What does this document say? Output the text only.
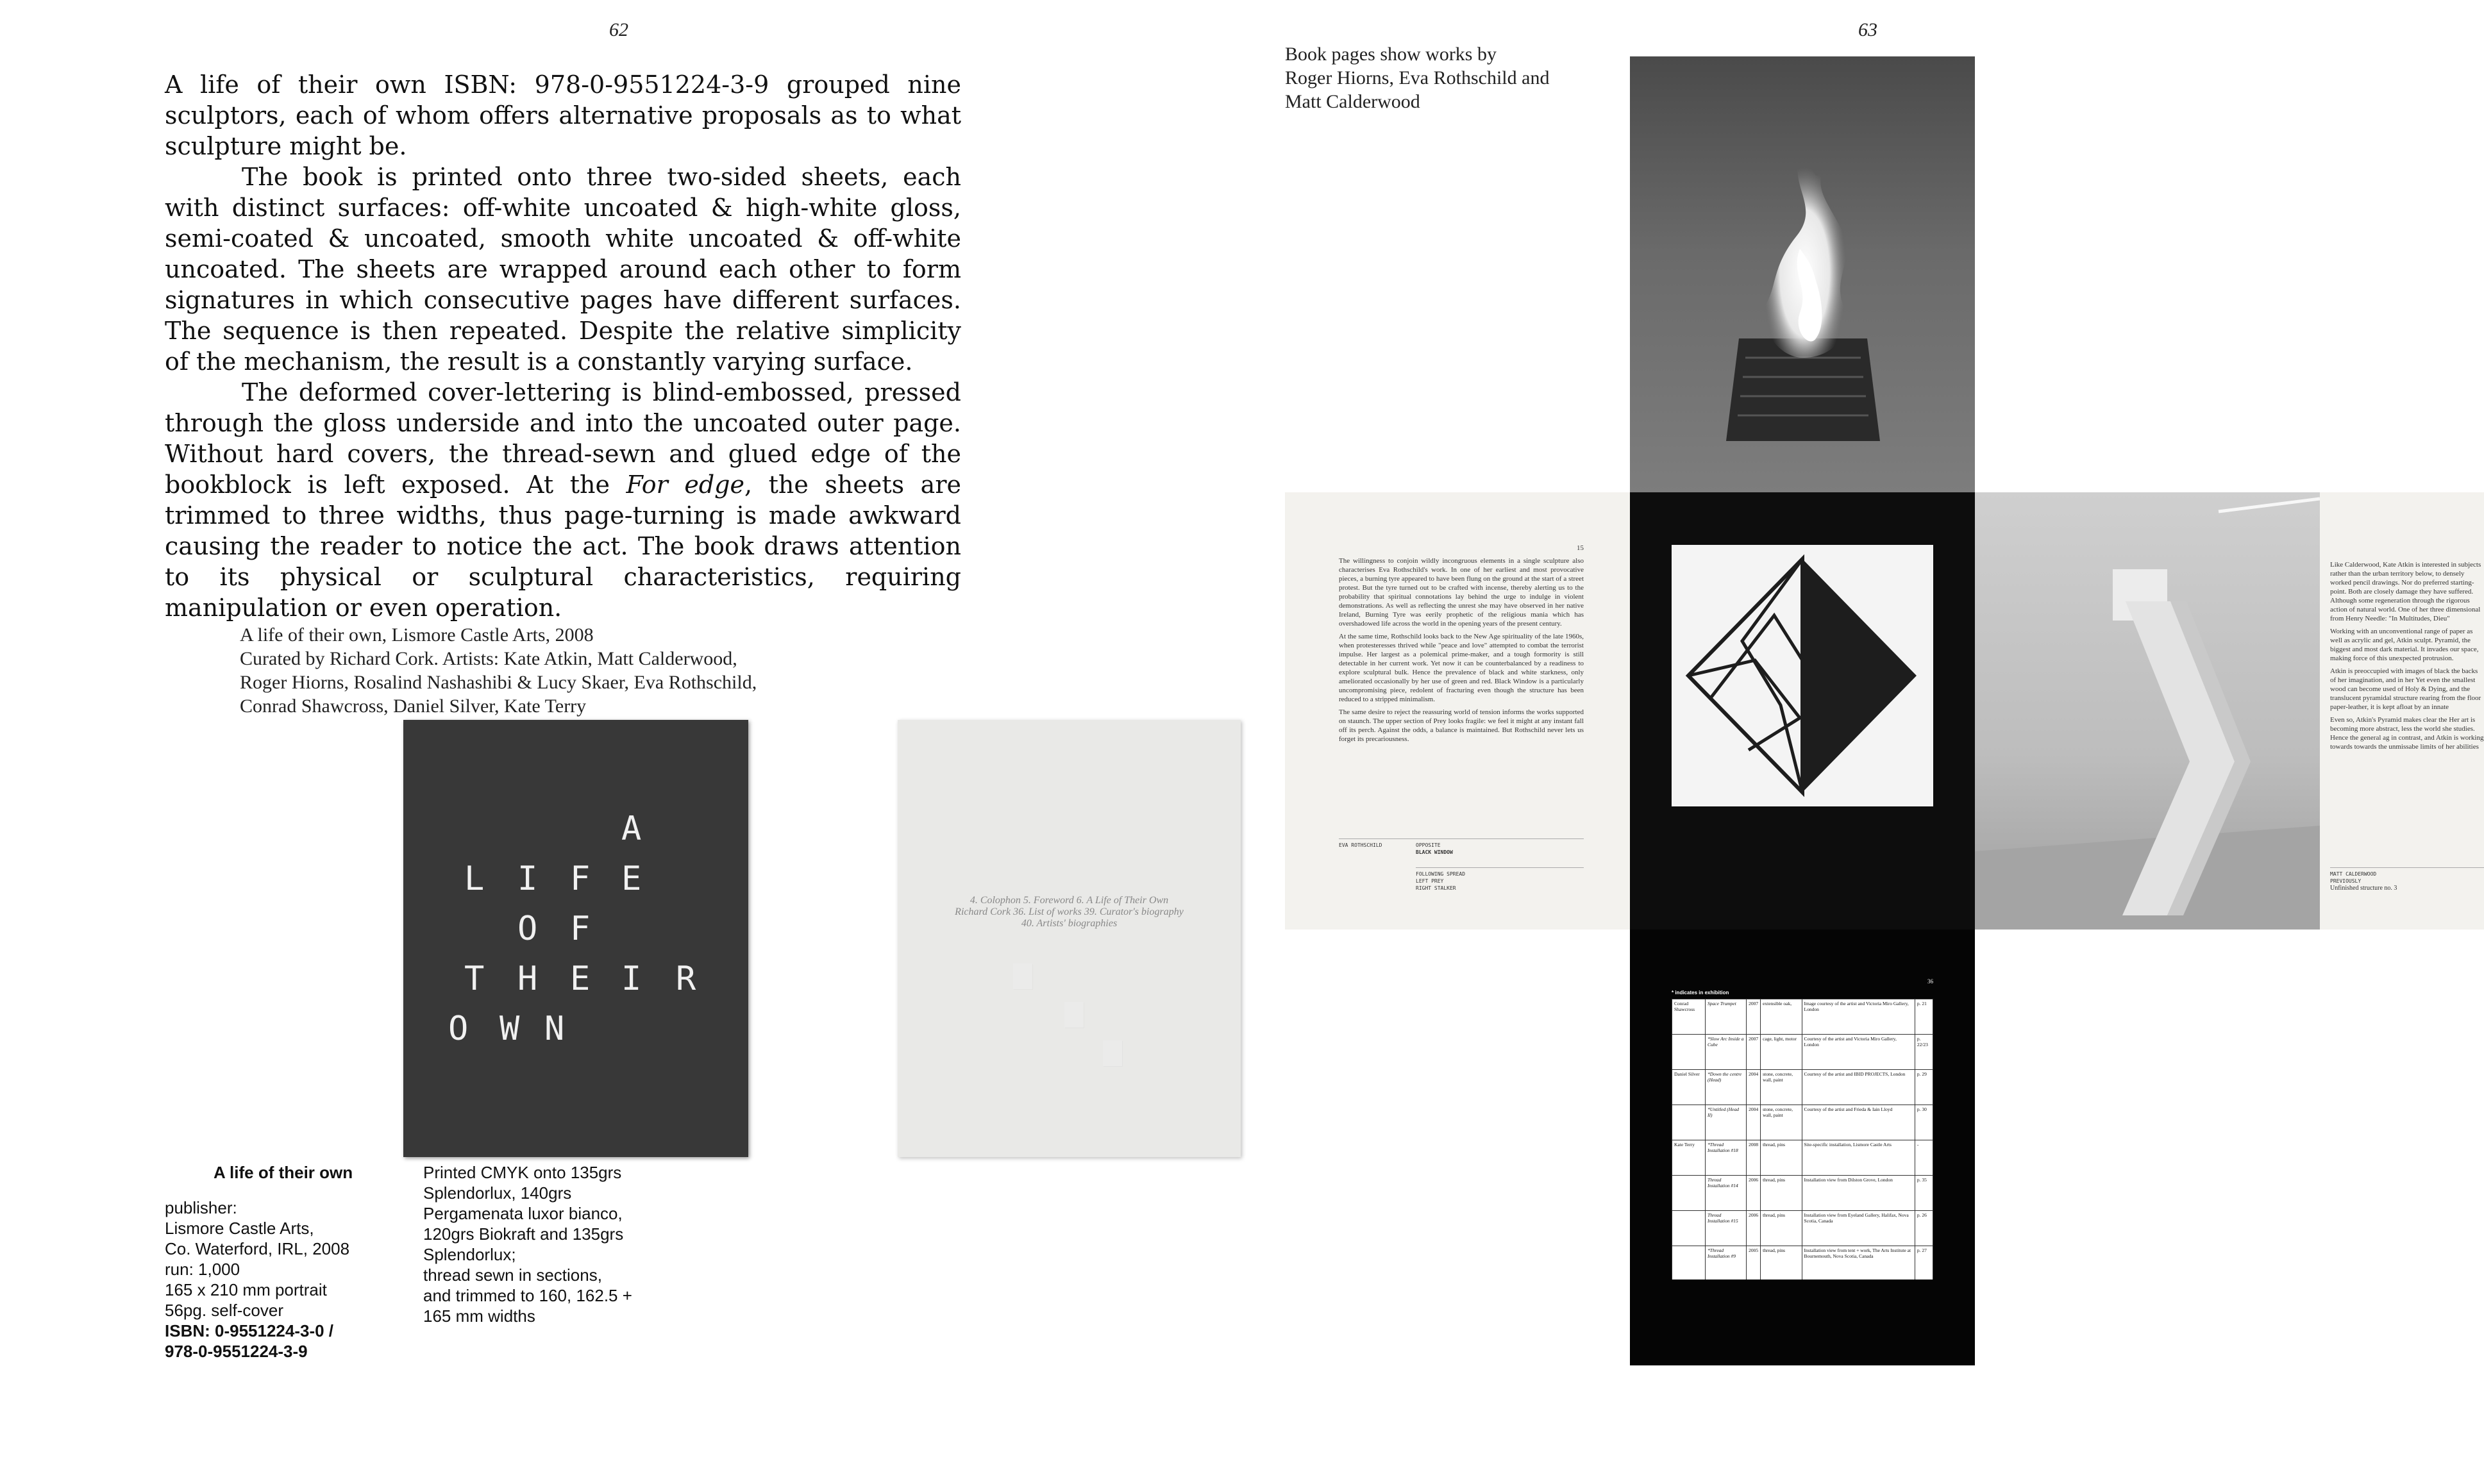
62

A life of their own ISBN: 978-0-9551224-3-9 grouped nine sculptors, each of whom offers alternative proposals as to what sculpture might be.

The book is printed onto three two-sided sheets, each with distinct surfaces: off-white uncoated & high-white gloss, semi-coated & uncoated, smooth white uncoated & off-white uncoated. The sheets are wrapped around each other to form signatures in which consecutive pages have different surfaces. The sequence is then repeated. Despite the relative simplicity of the mechanism, the result is a constantly varying surface.

The deformed cover-lettering is blind-embossed, pressed through the gloss underside and into the uncoated outer page. Without hard covers, the thread-sewn and glued edge of the bookblock is left exposed. At the For edge, the sheets are trimmed to three widths, thus page-turning is made awkward causing the reader to notice the act. The book draws attention to its physical or sculptural characteristics, requiring manipulation or even operation.

A life of their own, Lismore Castle Arts, 2008
Curated by Richard Cork. Artists: Kate Atkin, Matt Calderwood,
Roger Hiorns, Rosalind Nashashibi & Lucy Skaer, Eva Rothschild,
Conrad Shawcross, Daniel Silver, Kate Terry
A
L I F E
O F
T H E I R
O W N
4. Colophon 5. Foreword 6. A Life of Their Own
Richard Cork 36. List of works 39. Curator's biography
40. Artists' biographies
A life of their own
publisher:
Lismore Castle Arts,
Co. Waterford, IRL, 2008
run: 1,000
165 x 210 mm portrait
56pg. self-cover
ISBN: 0-9551224-3-0 /
978-0-9551224-3-9
Printed CMYK onto 135grs
Splendorlux, 140grs
Pergamenata luxor bianco,
120grs Biokraft and 135grs
Splendorlux;
thread sewn in sections,
and trimmed to 160, 162.5 +
165 mm widths
63
Book pages show works by
Roger Hiorns, Eva Rothschild and
Matt Calderwood
15

The willingness to conjoin wildly incongruous elements in a single sculpture also characterises Eva Rothschild's work. In one of her earliest and most provocative pieces, a burning tyre appeared to have been flung on the ground at the start of a street protest. But the tyre turned out to be crafted with incense, thereby alerting us to the probability that spiritual connotations lay behind the urge to indulge in violent demonstrations. As well as reflecting the unrest she may have observed in her native Ireland, Burning Tyre was eerily prophetic of the religious mania which has overshadowed life across the world in the opening years of the present century.

At the same time, Rothschild looks back to the New Age spirituality of the late 1960s, when protesteresses thrived while "peace and love" attempted to combat the terrorist impulse. Her largest as a polemical prime-maker, and a tough formority is still detectable in her current work. Yet now it can be counterbalanced by a readiness to explore sculptural bulk. Hence the prevalence of black and white starkness, only ameliorated occasionally by her use of green and red. Black Window is a particularly uncompromising piece, redolent of fracturing even though the structure has been reduced to a stripped minimalism.

The same desire to reject the reassuring world of tension informs the works supported on staunch. The upper section of Prey looks fragile: we feel it might at any instant fall off its perch. Against the odds, a balance is maintained. But Rothschild never lets us forget its precariousness.

EVA ROTHSCHILD	OPPOSITE
BLACK WINDOW
FOLLOWING SPREAD
LEFT PREY
RIGHT STALKER

Like Calderwood, Kate Atkin is interested in subjects rather than the urban territory below, to densely worked pencil drawings. Nor do preferred starting-point. Both are closely damage they have suffered. Although some regeneration through the rigorous action of natural world. One of her three dimensional from Henry Needle: "In Multitudes, Dieu"

Working with an unconventional range of paper as well as acrylic and gel, Atkin sculpt. Pyramid, the biggest and most dark material. It invades our space, making force of this unexpected protrusion.

Atkin is preoccupied with images of black the backs of her imagination, and in her Yet even the smallest wood can become used of Holy & Dying, and the translucent pyramidal structure rearing from the floor paper-leather, it is kept afloat by an innate

Even so, Atkin's Pyramid makes clear the Her art is becoming more abstract, less the world she studies. Hence the general ag in contrast, and Atkin is working towards towards the unmissabe limits of her abilities

MATT CALDERWOOD
PREVIOUSLY
Unfinished structure no. 3
36
* indicates in exhibition
Conrad Shawcross	Space Trumpet	2007	extensible oak,	Image courtesy of the artist and Victoria Miro Gallery, London	p. 21
	*Slow Arc Inside a Cube	2007	cage, light, motor	Courtesy of the artist and Victoria Miro Gallery, London	p. 22/23
Daniel Silver	*Down the centre (Head)	2004	stone, concrete, wall, paint	Courtesy of the artist and IBID PROJECTS, London	p. 29
	*Untitled (Head II)	2004	stone, concrete, wall, paint	Courtesy of the artist and Frieda & Iain Lloyd	p. 30
Kate Terry	*Thread Installation #18	2008	thread, pins	Site-specific installation, Lismore Castle Arts	-
	Thread Installation #14	2006	thread, pins	Installation view from Dilston Grove, London	p. 35
	Thread Installation #15	2006	thread, pins	Installation view from Eyeland Gallery, Halifax, Nova Scotia, Canada	p. 26
	*Thread Installation #9	2005	thread, pins	Installation view from tent + work, The Arts Institute at Bournemouth, Nova Scotia, Canada	p. 27
